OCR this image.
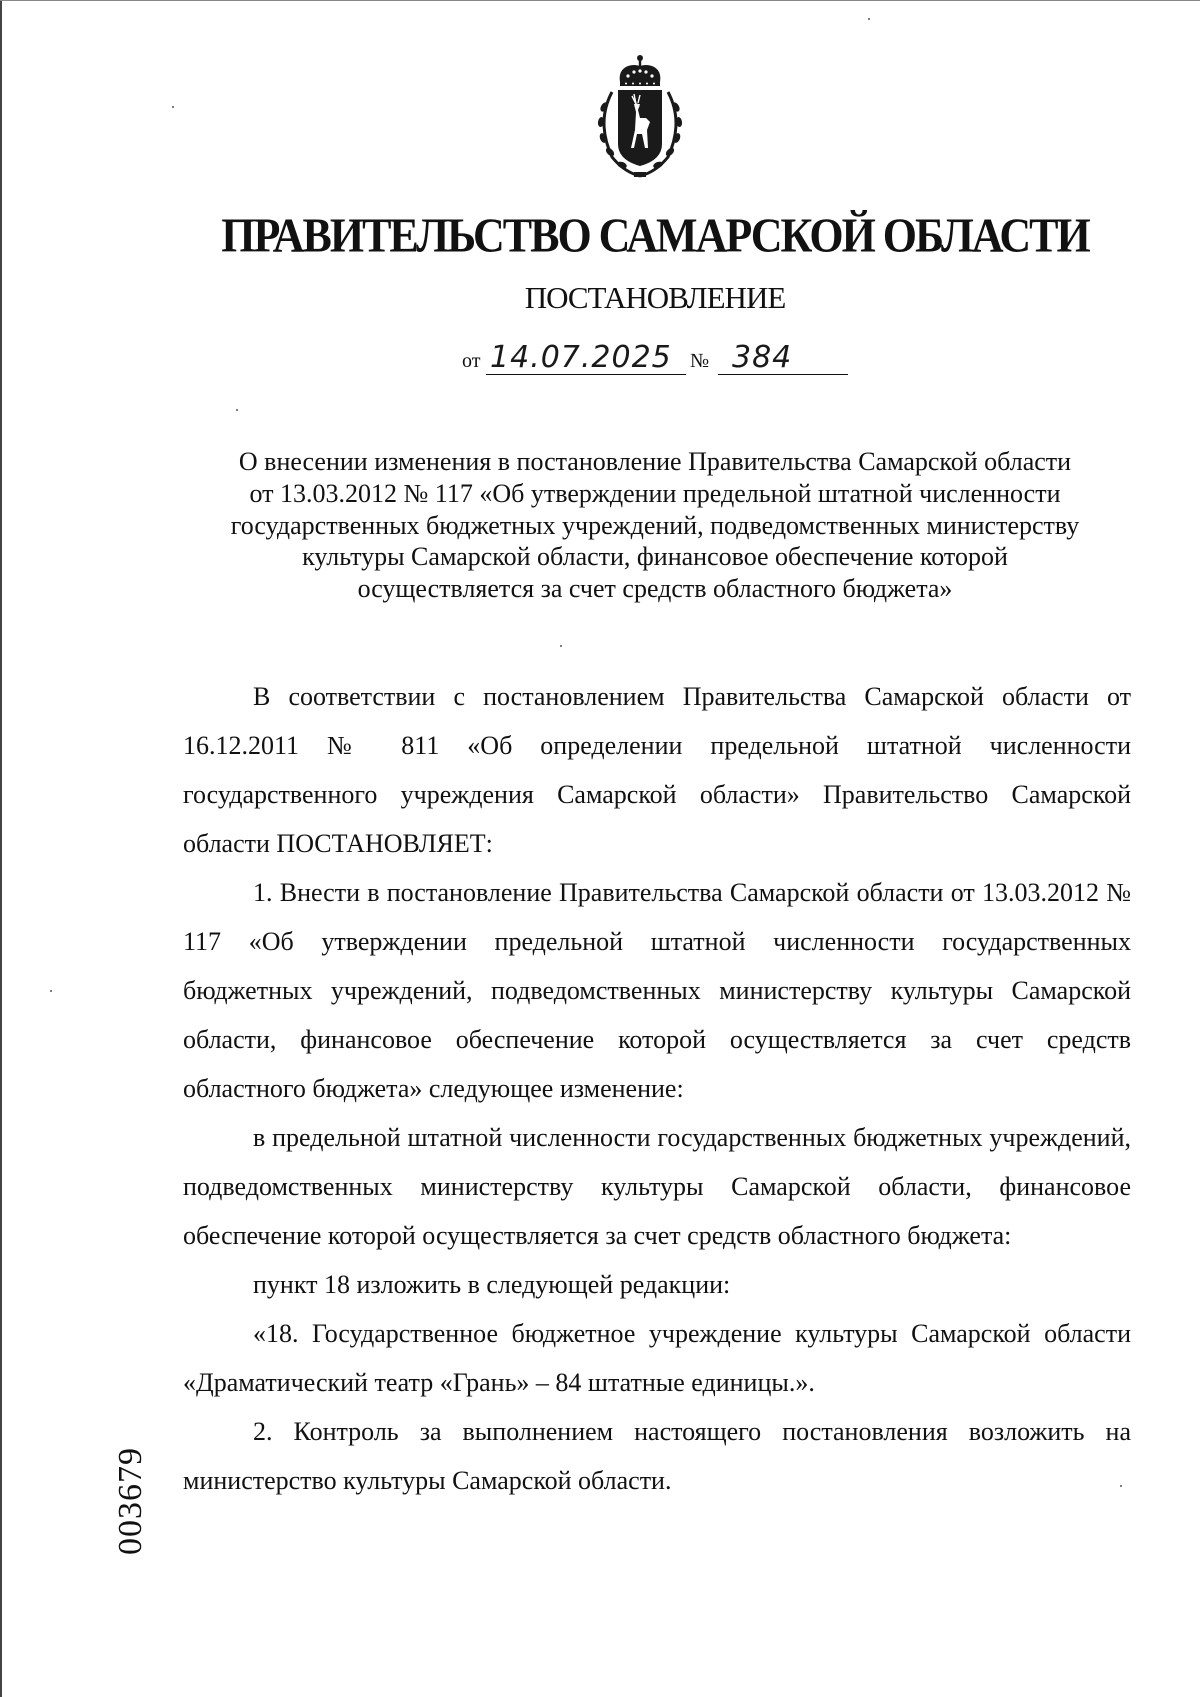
ПРАВИТЕЛЬСТВО САМАРСКОЙ ОБЛАСТИ
ПОСТАНОВЛЕНИЕ
от 14.07.2025 № 384
О внесении изменения в постановление Правительства Самарской области
от 13.03.2012 № 117 «Об утверждении предельной штатной численности
государственных бюджетных учреждений, подведомственных министерству
культуры Самарской области, финансовое обеспечение которой
осуществляется за счет средств областного бюджета»

В соответствии с постановлением Правительства Самарской области от 16.12.2011 № 811 «Об определении предельной штатной численности государственного учреждения Самарской области» Правительство Самарской области ПОСТАНОВЛЯЕТ:

1. Внести в постановление Правительства Самарской области от 13.03.2012 № 117 «Об утверждении предельной штатной численности государственных бюджетных учреждений, подведомственных министерству культуры Самарской области, финансовое обеспечение которой осуществляется за счет средств областного бюджета» следующее изменение:

в предельной штатной численности государственных бюджетных учреждений, подведомственных министерству культуры Самарской области, финансовое обеспечение которой осуществляется за счет средств областного бюджета:

пункт 18 изложить в следующей редакции:

«18. Государственное бюджетное учреждение культуры Самарской области «Драматический театр «Грань» – 84 штатные единицы.».

2. Контроль за выполнением настоящего постановления возложить на министерство культуры Самарской области.

003679
